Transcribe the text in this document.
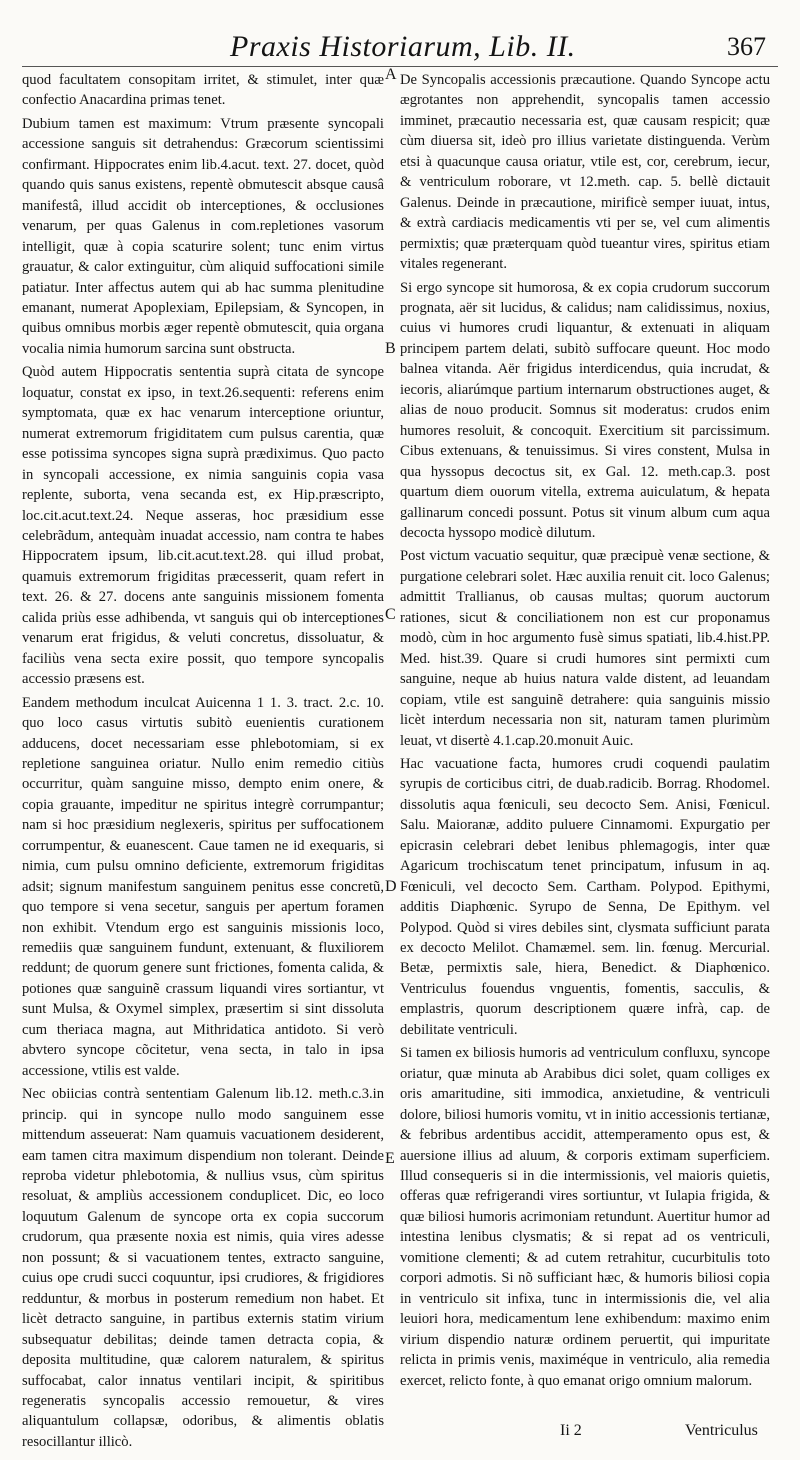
Praxis Historiarum, Lib. II.	367

quod facultatem consopitam irritet, & stimulet, inter quæ confectio Anacardina primas tenet.

Dubium tamen est maximum: Vtrum præsente syncopali accessione sanguis sit detrahendus: Græcorum scientissimi confirmant. Hippocrates enim lib.4.acut. text. 27. docet, quòd quando quis sanus existens, repentè obmutescit absque causâ manifestâ, illud accidit ob interceptiones, & occlusiones venarum, per quas Galenus in com.repletiones vasorum intelligit, quæ à copia scaturire solent; tunc enim virtus grauatur, & calor extinguitur, cùm aliquid suffocationi simile patiatur. Inter affectus autem qui ab hac summa plenitudine emanant, numerat Apoplexiam, Epilepsiam, & Syncopen, in quibus omnibus morbis æger repentè obmutescit, quia organa vocalia nimia humorum sarcina sunt obstructa.

Quòd autem Hippocratis sententia suprà citata de syncope loquatur, constat ex ipso, in text.26.sequenti: referens enim symptomata, quæ ex hac venarum interceptione oriuntur, numerat extremorum frigiditatem cum pulsus carentia, quæ esse potissima syncopes signa suprà prædiximus. Quo pacto in syncopali accessione, ex nimia sanguinis copia vasa replente, suborta, vena secanda est, ex Hip.præscripto, loc.cit.acut.text.24. Neque asseras, hoc præsidium esse celebrãdum, antequàm inuadat accessio, nam contra te habes Hippocratem ipsum, lib.cit.acut.text.28. qui illud probat, quamuis extremorum frigiditas præcesserit, quam refert in text. 26. & 27. docens ante sanguinis missionem fomenta calida priùs esse adhibenda, vt sanguis qui ob interceptiones venarum erat frigidus, & veluti concretus, dissoluatur, & faciliùs vena secta exire possit, quo tempore syncopalis accessio præsens est.

Eandem methodum inculcat Auicenna 1 1. 3. tract. 2.c. 10. quo loco casus virtutis subitò euenientis curationem adducens, docet necessariam esse phlebotomiam, si ex repletione sanguinea oriatur. Nullo enim remedio citiùs occurritur, quàm sanguine misso, dempto enim onere, & copia grauante, impeditur ne spiritus integrè corrumpantur; nam si hoc præsidium neglexeris, spiritus per suffocationem corrumpentur, & euanescent. Caue tamen ne id exequaris, si nimia, cum pulsu omnino deficiente, extremorum frigiditas adsit; signum manifestum sanguinem penitus esse concretũ, quo tempore si vena secetur, sanguis per apertum foramen non exhibit. Vtendum ergo est sanguinis missionis loco, remediis quæ sanguinem fundunt, extenuant, & fluxiliorem reddunt; de quorum genere sunt frictiones, fomenta calida, & potiones quæ sanguinẽ crassum liquandi vires sortiantur, vt sunt Mulsa, & Oxymel simplex, præsertim si sint dissoluta cum theriaca magna, aut Mithridatica antidoto. Si verò abvtero syncope cõcitetur, vena secta, in talo in ipsa accessione, vtilis est valde.

Nec obiicias contrà sententiam Galenum lib.12. meth.c.3.in princip. qui in syncope nullo modo sanguinem esse mittendum asseuerat: Nam quamuis vacuationem desiderent, eam tamen citra maximum dispendium non tolerant. Deinde reproba videtur phlebotomia, & nullius vsus, cùm spiritus resoluat, & ampliùs accessionem conduplicet. Dic, eo loco loquutum Galenum de syncope orta ex copia succorum crudorum, qua præsente noxia est nimis, quia vires adesse non possunt; & si vacuationem tentes, extracto sanguine, cuius ope crudi succi coquuntur, ipsi crudiores, & frigidiores redduntur, & morbus in posterum remedium non habet. Et licèt detracto sanguine, in partibus externis statim virium subsequatur debilitas; deinde tamen detracta copia, & deposita multitudine, quæ calorem naturalem, & spiritus suffocabat, calor innatus ventilari incipit, & spiritibus regeneratis syncopalis accessio remouetur, & vires aliquantulum collapsæ, odoribus, & alimentis oblatis resocillantur illicò.

A
B
C
D
E

De Syncopalis accessionis præcautione. Quando Syncope actu ægrotantes non apprehendit, syncopalis tamen accessio imminet, præcautio necessaria est, quæ causam respicit; quæ cùm diuersa sit, ideò pro illius varietate distinguenda. Verùm etsi à quacunque causa oriatur, vtile est, cor, cerebrum, iecur, & ventriculum roborare, vt 12.meth. cap. 5. bellè dictauit Galenus. Deinde in præcautione, mirificè semper iuuat, intus, & extrà cardiacis medicamentis vti per se, vel cum alimentis permixtis; quæ præterquam quòd tueantur vires, spiritus etiam vitales regenerant.

Si ergo syncope sit humorosa, & ex copia crudorum succorum prognata, aër sit lucidus, & calidus; nam calidissimus, noxius, cuius vi humores crudi liquantur, & extenuati in aliquam principem partem delati, subitò suffocare queunt. Hoc modo balnea vitanda. Aër frigidus interdicendus, quia incrudat, & iecoris, aliarúmque partium internarum obstructiones auget, & alias de nouo producit. Somnus sit moderatus: crudos enim humores resoluit, & concoquit. Exercitium sit parcissimum. Cibus extenuans, & tenuissimus. Si vires constent, Mulsa in qua hyssopus decoctus sit, ex Gal. 12. meth.cap.3. post quartum diem ouorum vitella, extrema auiculatum, & hepata gallinarum concedi possunt. Potus sit vinum album cum aqua decocta hyssopo modicè dilutum.

Post victum vacuatio sequitur, quæ præcipuè venæ sectione, & purgatione celebrari solet. Hæc auxilia renuit cit. loco Galenus; admittit Trallianus, ob causas multas; quorum auctorum rationes, sicut & conciliationem non est cur proponamus modò, cùm in hoc argumento fusè simus spatiati, lib.4.hist.PP. Med. hist.39. Quare si crudi humores sint permixti cum sanguine, neque ab huius natura valde distent, ad leuandam copiam, vtile est sanguinẽ detrahere: quia sanguinis missio licèt interdum necessaria non sit, naturam tamen plurimùm leuat, vt disertè 4.1.cap.20.monuit Auic.

Hac vacuatione facta, humores crudi coquendi paulatim syrupis de corticibus citri, de duab.radicib. Borrag. Rhodomel. dissolutis aqua fœniculi, seu decocto Sem. Anisi, Fœnicul. Salu. Maioranæ, addito puluere Cinnamomi. Expurgatio per epicrasin celebrari debet lenibus phlemagogis, inter quæ Agaricum trochiscatum tenet principatum, infusum in aq. Fœniculi, vel decocto Sem. Cartham. Polypod. Epithymi, additis Diaphœnic. Syrupo de Senna, De Epithym. vel Polypod. Quòd si vires debiles sint, clysmata sufficiunt parata ex decocto Melilot. Chamæmel. sem. lin. fœnug. Mercurial. Betæ, permixtis sale, hiera, Benedict. & Diaphœnico. Ventriculus fouendus vnguentis, fomentis, sacculis, & emplastris, quorum descriptionem quære infrà, cap. de debilitate ventriculi.

Si tamen ex biliosis humoris ad ventriculum confluxu, syncope oriatur, quæ minuta ab Arabibus dici solet, quam colliges ex oris amaritudine, siti immodica, anxietudine, & ventriculi dolore, biliosi humoris vomitu, vt in initio accessionis tertianæ, & febribus ardentibus accidit, attemperamento opus est, & auersione illius ad aluum, & corporis extimam superficiem. Illud consequeris si in die intermissionis, vel maioris quietis, offeras quæ refrigerandi vires sortiuntur, vt Iulapia frigida, & quæ biliosi humoris acrimoniam retundunt. Auertitur humor ad intestina lenibus clysmatis; & si repat ad os ventriculi, vomitione clementi; & ad cutem retrahitur, cucurbitulis toto corpori admotis. Si nõ sufficiant hæc, & humoris biliosi copia in ventriculo sit infixa, tunc in intermissionis die, vel alia leuiori hora, medicamentum lene exhibendum: maximo enim virium dispendio naturæ ordinem peruertit, qui impuritate relicta in primis venis, maximéque in ventriculo, alia remedia exercet, relicto fonte, à quo emanat origo omnium malorum.

Ii 2	Ventriculus
